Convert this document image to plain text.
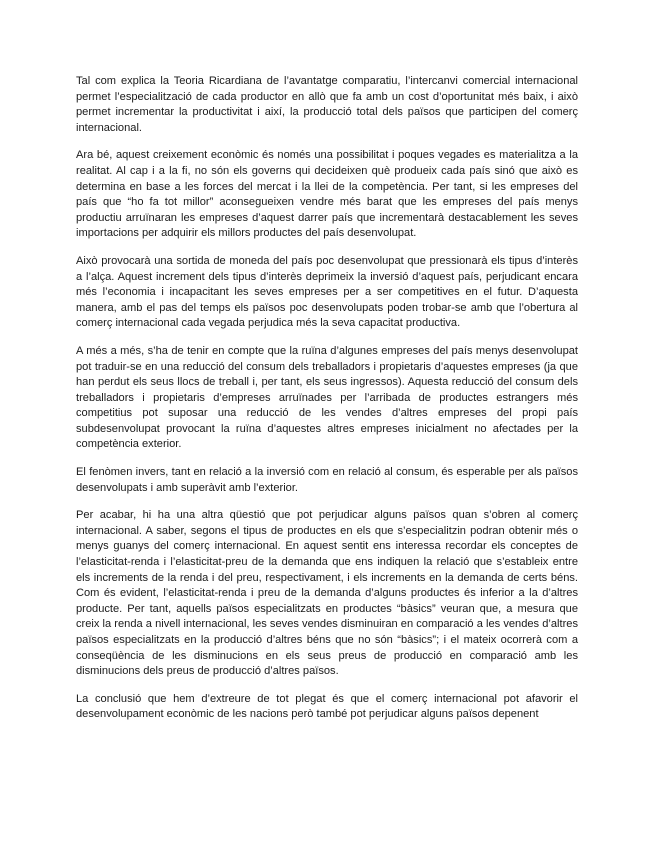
Tal com explica la Teoria Ricardiana de l’avantatge comparatiu, l’intercanvi comercial internacional permet l’especialització de cada productor en allò que fa amb un cost d’oportunitat més baix, i això permet incrementar la productivitat i així, la producció total dels països que participen del comerç internacional.

Ara bé, aquest creixement econòmic és només una possibilitat i poques vegades es materialitza a la realitat. Al cap i a la fi, no són els governs qui decideixen què produeix cada país sinó que això es determina en base a les forces del mercat i la llei de la competència. Per tant, si les empreses del país que “ho fa tot millor” aconsegueixen vendre més barat que les empreses del país menys productiu arruïnaran les empreses d’aquest darrer país que incrementarà destacablement les seves importacions per adquirir els millors productes del país desenvolupat.

Això provocarà una sortida de moneda del país poc desenvolupat que pressionarà els tipus d’interès a l’alça. Aquest increment dels tipus d’interès deprimeix la inversió d’aquest país, perjudicant encara més l’economia i incapacitant les seves empreses per a ser competitives en el futur. D’aquesta manera, amb el pas del temps els països poc desenvolupats poden trobar-se amb que l’obertura al comerç internacional cada vegada perjudica més la seva capacitat productiva.

A més a més, s’ha de tenir en compte que la ruïna d’algunes empreses del país menys desenvolupat pot traduir-se en una reducció del consum dels treballadors i propietaris d’aquestes empreses (ja que han perdut els seus llocs de treball i, per tant, els seus ingressos). Aquesta reducció del consum dels treballadors i propietaris d’empreses arruïnades per l’arribada de productes estrangers més competitius pot suposar una reducció de les vendes d’altres empreses del propi país subdesenvolupat provocant la ruïna d’aquestes altres empreses inicialment no afectades per la competència exterior.

El fenòmen invers, tant en relació a la inversió com en relació al consum, és esperable per als països desenvolupats i amb superàvit amb l’exterior.

Per acabar, hi ha una altra qüestió que pot perjudicar alguns països quan s’obren al comerç internacional. A saber, segons el tipus de productes en els que s’especialitzin podran obtenir més o menys guanys del comerç internacional. En aquest sentit ens interessa recordar els conceptes de l’elasticitat-renda i l’elasticitat-preu de la demanda que ens indiquen la relació que s’estableix entre els increments de la renda i del preu, respectivament, i els increments en la demanda de certs béns. Com és evident, l’elasticitat-renda i preu de la demanda d’alguns productes és inferior a la d’altres producte. Per tant, aquells països especialitzats en productes “bàsics” veuran que, a mesura que creix la renda a nivell internacional, les seves vendes disminuiran en comparació a les vendes d’altres països especialitzats en la producció d’altres béns que no són “bàsics”; i el mateix ocorrerà com a conseqüència de les disminucions en els seus preus de producció en comparació amb les disminucions dels preus de producció d’altres països.

La conclusió que hem d’extreure de tot plegat és que el comerç internacional pot afavorir el desenvolupament econòmic de les nacions però també pot perjudicar alguns països depenent
